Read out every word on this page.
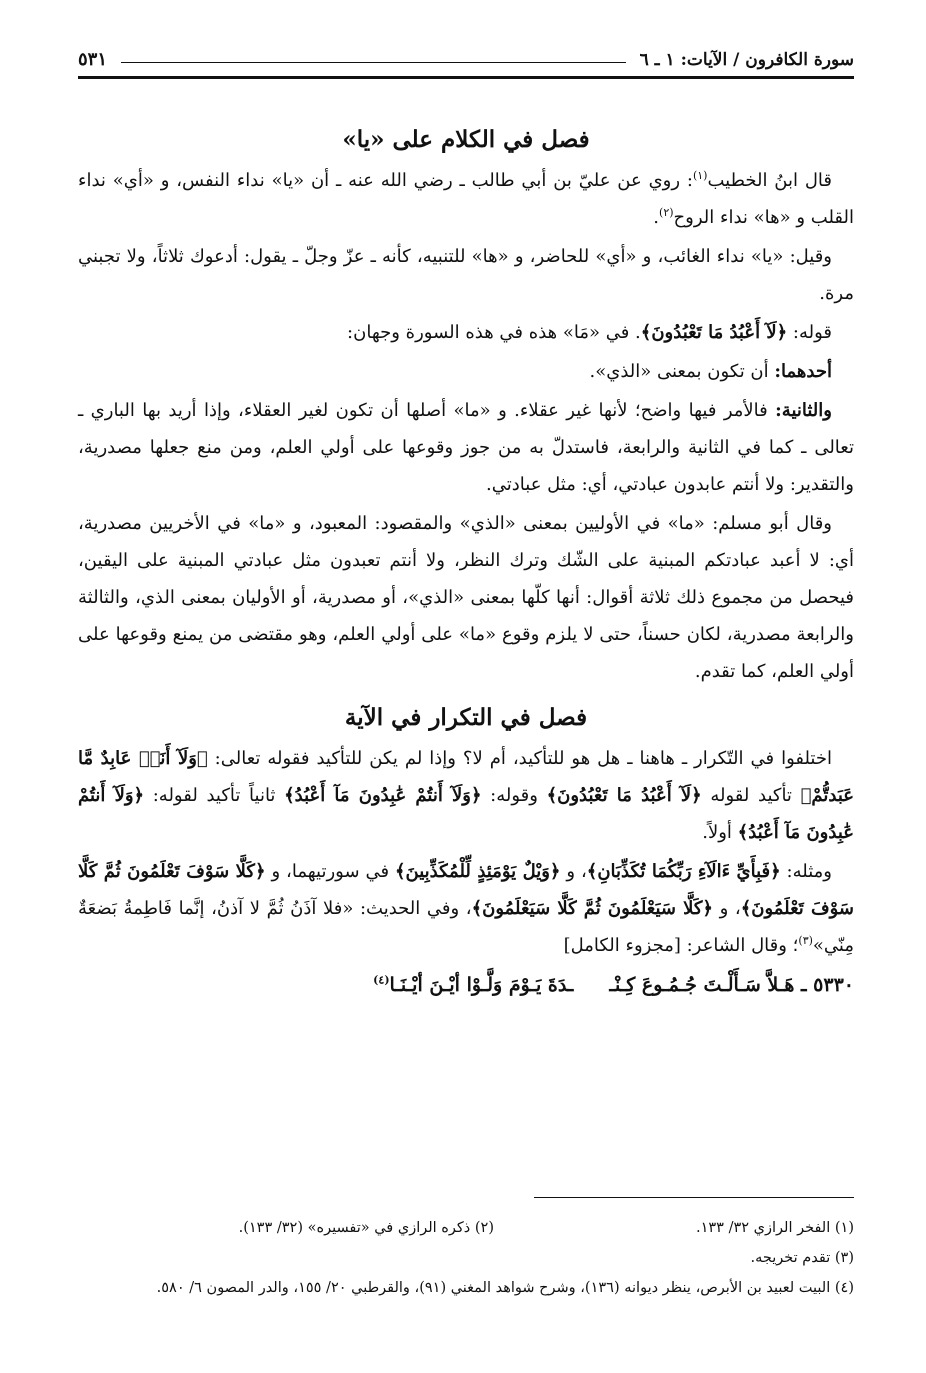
سورة الكافرون / الآيات: ١ ـ ٦
٥٣١
فصل في الكلام على «يا»

قال ابنُ الخطيب$^{(١)}$: روي عن عليّ بن أبي طالب ـ رضي الله عنه ـ أن «يا» نداء النفس، و «أي» نداء القلب و «ها» نداء الروح$^{(٢)}$.

وقيل: «يا» نداء الغائب، و «أي» للحاضر، و «ها» للتنبيه، كأنه ـ عزّ وجلّ ـ يقول: أدعوك ثلاثاً، ولا تجبني مرة.

قوله: ﴿لَآ أَعْبُدُ مَا تَعْبُدُونَ﴾. في «مَا» هذه في هذه السورة وجهان:

أحدهما: أن تكون بمعنى «الذي».

والثانية: فالأمر فيها واضح؛ لأنها غير عقلاء. و «ما» أصلها أن تكون لغير العقلاء، وإذا أريد بها الباري ـ تعالى ـ كما في الثانية والرابعة، فاستدلّ به من جوز وقوعها على أولي العلم، ومن منع جعلها مصدرية، والتقدير: ولا أنتم عابدون عبادتي، أي: مثل عبادتي.

وقال أبو مسلم: «ما» في الأوليين بمعنى «الذي» والمقصود: المعبود، و «ما» في الأخريين مصدرية، أي: لا أعبد عبادتكم المبنية على الشّك وترك النظر، ولا أنتم تعبدون مثل عبادتي المبنية على اليقين، فيحصل من مجموع ذلك ثلاثة أقوال: أنها كلّها بمعنى «الذي»، أو مصدرية، أو الأوليان بمعنى الذي، والثالثة والرابعة مصدرية، لكان حسناً، حتى لا يلزم وقوع «ما» على أولي العلم، وهو مقتضى من يمنع وقوعها على أولي العلم، كما تقدم.

فصل في التكرار في الآية

اختلفوا في التّكرار ـ هاهنا ـ هل هو للتأكيد، أم لا؟ وإذا لم يكن للتأكيد فقوله تعالى: ﴿وَلَآ أَنَا۠ عَابِدٌ مَّا عَبَدتُّمْ﴾ تأكيد لقوله ﴿لَآ أَعْبُدُ مَا تَعْبُدُونَ﴾ وقوله: ﴿وَلَآ أَنتُمْ عَٰبِدُونَ مَآ أَعْبُدُ﴾ ثانياً تأكيد لقوله: ﴿وَلَآ أَنتُمْ عَٰبِدُونَ مَآ أَعْبُدُ﴾ أولاً.

ومثله: ﴿فَبِأَيِّ ءَالَآءِ رَبِّكُمَا تُكَذِّبَانِ﴾، و ﴿وَيْلٌ يَوْمَئِذٍ لِّلْمُكَذِّبِينَ﴾ في سورتيهما، و ﴿كَلَّا سَوْفَ تَعْلَمُونَ ثُمَّ كَلَّا سَوْفَ تَعْلَمُونَ﴾، و ﴿كَلَّا سَيَعْلَمُونَ ثُمَّ كَلَّا سَيَعْلَمُونَ﴾، وفي الحديث: «فلا آذَنُ ثُمَّ لا آذنُ، إنَّما فَاطِمةُ بَضعَةٌ مِنّي»$^{(٣)}$؛ وقال الشاعر: [مجزوء الكامل]

٥٣٣٠ ـ هَـلاَّ سَـأَلْـتَ جُـمُـوعَ كِـنْـ
ـدَةَ يَـوْمَ وَلَّـوْا أيْـنَ أيْـنَـا$^{(٤)}$
(١) الفخر الرازي ٣٢/ ١٣٣.
(٢) ذكره الرازي في «تفسيره» (٣٢/ ١٣٣).
(٣) تقدم تخريجه.
(٤) البيت لعبيد بن الأبرص، ينظر ديوانه (١٣٦)، وشرح شواهد المغني (٩١)، والقرطبي ٢٠/ ١٥٥، والدر المصون ٦/ ٥٨٠.
